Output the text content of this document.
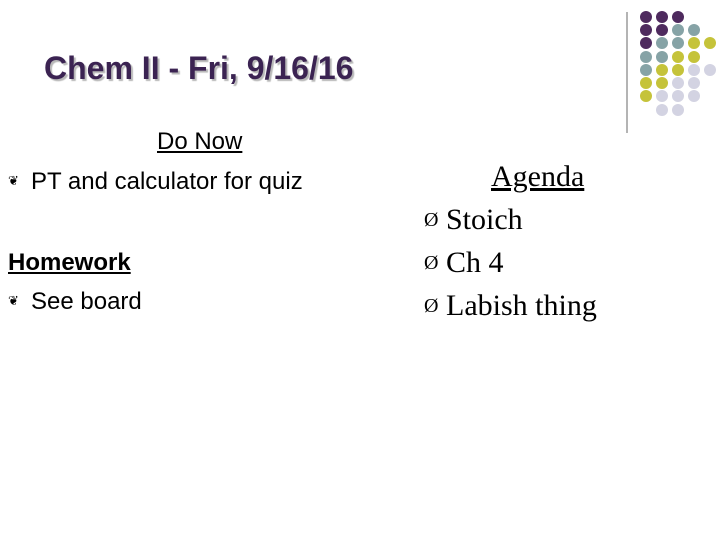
Chem II - Fri, 9/16/16
Do Now
❦ PT and calculator for quiz
Homework
❦ See board
Agenda
Ø Stoich
Ø Ch 4
Ø Labish thing
